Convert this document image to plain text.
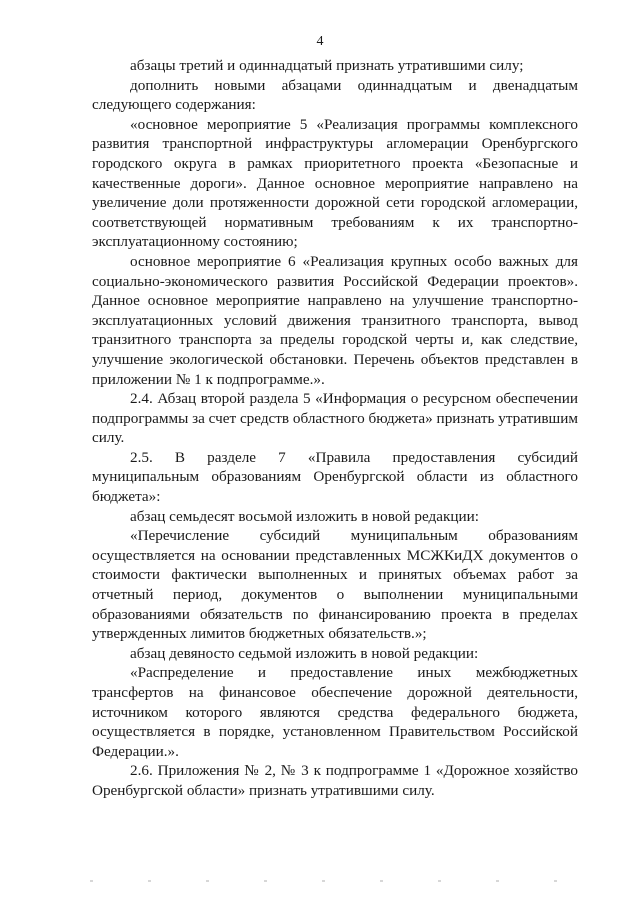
4

абзацы третий и одиннадцатый признать утратившими силу;

дополнить новыми абзацами одиннадцатым и двенадцатым следующего содержания:

«основное мероприятие 5 «Реализация программы комплексного развития транспортной инфраструктуры агломерации Оренбургского городского округа в рамках приоритетного проекта «Безопасные и качественные дороги». Данное основное мероприятие направлено на увеличение доли протяженности дорожной сети городской агломерации, соответствующей нормативным требованиям к их транспортно-эксплуатационному состоянию;

основное мероприятие 6 «Реализация крупных особо важных для социально-экономического развития Российской Федерации проектов». Данное основное мероприятие направлено на улучшение транспортно-эксплуатационных условий движения транзитного транспорта, вывод транзитного транспорта за пределы городской черты и, как следствие, улучшение экологической обстановки. Перечень объектов представлен в приложении № 1 к подпрограмме.».

2.4. Абзац второй раздела 5 «Информация о ресурсном обеспечении подпрограммы за счет средств областного бюджета» признать утратившим силу.

2.5. В разделе 7 «Правила предоставления субсидий муниципальным образованиям Оренбургской области из областного бюджета»:

абзац семьдесят восьмой изложить в новой редакции:

«Перечисление субсидий муниципальным образованиям осуществляется на основании представленных МСЖКиДХ документов о стоимости фактически выполненных и принятых объемах работ за отчетный период, документов о выполнении муниципальными образованиями обязательств по финансированию проекта в пределах утвержденных лимитов бюджетных обязательств.»;

абзац девяносто седьмой изложить в новой редакции:

«Распределение и предоставление иных межбюджетных трансфертов на финансовое обеспечение дорожной деятельности, источником которого являются средства федерального бюджета, осуществляется в порядке, установленном Правительством Российской Федерации.».

2.6. Приложения № 2, № 3 к подпрограмме 1 «Дорожное хозяйство Оренбургской области» признать утратившими силу.
